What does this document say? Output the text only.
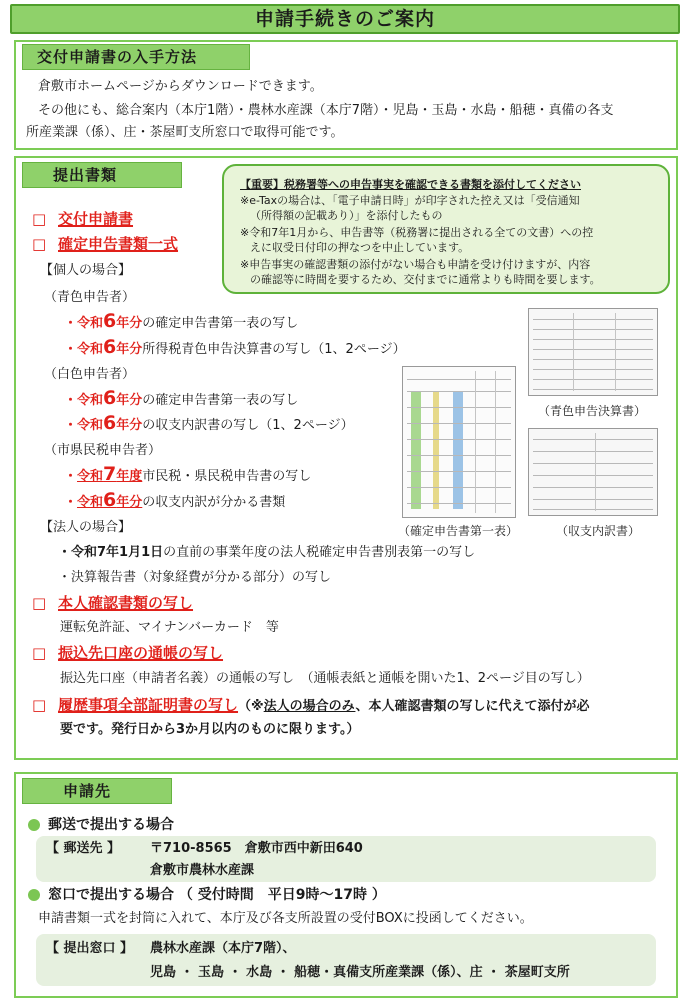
申請手続きのご案内
交付申請書の入手方法
倉敷市ホームページからダウンロードできます。
その他にも、総合案内（本庁1階）・農林水産課（本庁7階）・児島・玉島・水島・船穂・真備の各支
所産業課（係）、庄・茶屋町支所窓口で取得可能です。
提出書類
【重要】税務署等への申告事実を確認できる書類を添付してください
※e-Taxの場合は、「電子申請日時」が印字された控え又は「受信通知
（所得額の記載あり）」を添付したもの
※令和7年1月から、申告書等（税務署に提出される全ての文書）への控
えに収受日付印の押なつを中止しています。
※申告事実の確認書類の添付がない場合も申請を受け付けますが、内容
の確認等に時間を要するため、交付までに通常よりも時間を要します。
□ 交付申請書
□ 確定申告書類一式
【個人の場合】
（青色申告者）
・令和6年分の確定申告書第一表の写し
・令和6年分所得税青色申告決算書の写し（1、2ページ）
（白色申告者）
・令和6年分の確定申告書第一表の写し
・令和6年分の収支内訳書の写し（1、2ページ）
（市県民税申告者）
・令和7年度市民税・県民税申告書の写し
・令和6年分の収支内訳が分かる書類
【法人の場合】
・令和7年1月1日の直前の事業年度の法人税確定申告書別表第一の写し
・決算報告書（対象経費が分かる部分）の写し
□ 本人確認書類の写し
運転免許証、マイナンバーカード　等
□ 振込先口座の通帳の写し
振込先口座（申請者名義）の通帳の写し　（通帳表紙と通帳を開いた1、2ページ目の写し）
□ 履歴事項全部証明書の写し（※法人の場合のみ、本人確認書類の写しに代えて添付が必
要です。発行日から3か月以内のものに限ります。）
（青色申告決算書）
（収支内訳書）
（確定申告書第一表）
申請先
郵送で提出する場合
【 郵送先 】 〒710-8565　倉敷市西中新田640
倉敷市農林水産課
窓口で提出する場合 （ 受付時間　平日9時～17時 ）
申請書類一式を封筒に入れて、本庁及び各支所設置の受付BOXに投函してください。
【 提出窓口 】 農林水産課（本庁7階）、
児島 ・ 玉島 ・ 水島 ・ 船穂・真備支所産業課（係）、庄 ・ 茶屋町支所
